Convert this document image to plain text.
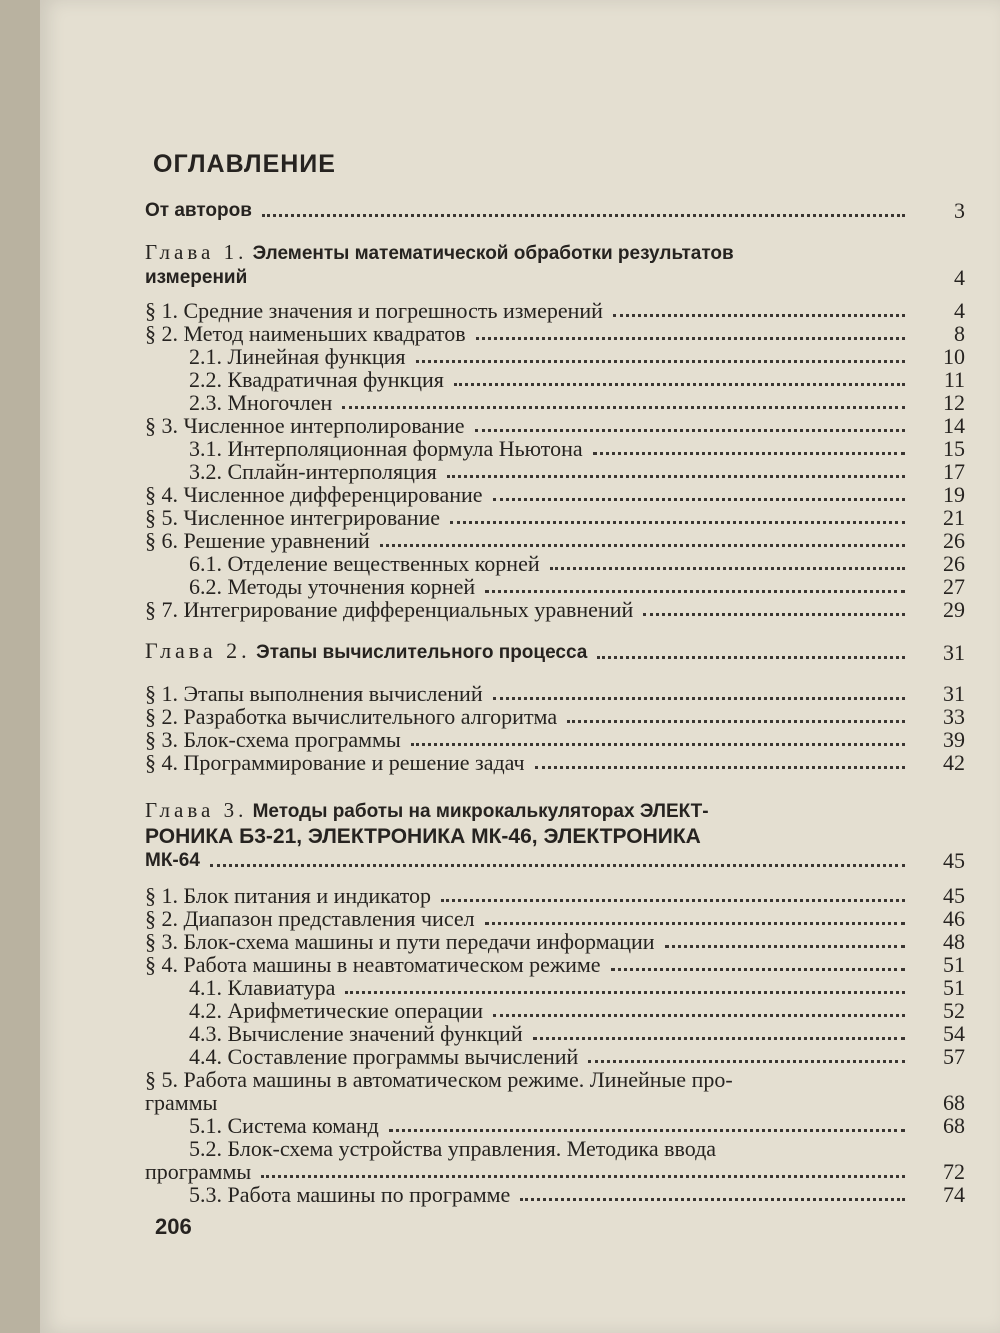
ОГЛАВЛЕНИЕ
От авторов	3
Глава 1. Элементы математической обработки результатов
измерений	4
§ 1. Средние значения и погрешность измерений	4
§ 2. Метод наименьших квадратов	8
2.1. Линейная функция	10
2.2. Квадратичная функция	11
2.3. Многочлен	12
§ 3. Численное интерполирование	14
3.1. Интерполяционная формула Ньютона	15
3.2. Сплайн-интерполяция	17
§ 4. Численное дифференцирование	19
§ 5. Численное интегрирование	21
§ 6. Решение уравнений	26
6.1. Отделение вещественных корней	26
6.2. Методы уточнения корней	27
§ 7. Интегрирование дифференциальных уравнений	29
Глава 2. Этапы вычислительного процесса	31
§ 1. Этапы выполнения вычислений	31
§ 2. Разработка вычислительного алгоритма	33
§ 3. Блок-схема программы	39
§ 4. Программирование и решение задач	42
Глава 3. Методы работы на микрокалькуляторах ЭЛЕКТ-
РОНИКА Б3-21, ЭЛЕКТРОНИКА МК-46, ЭЛЕКТРОНИКА
МК-64	45
§ 1. Блок питания и индикатор	45
§ 2. Диапазон представления чисел	46
§ 3. Блок-схема машины и пути передачи информации	48
§ 4. Работа машины в неавтоматическом режиме	51
4.1. Клавиатура	51
4.2. Арифметические операции	52
4.3. Вычисление значений функций	54
4.4. Составление программы вычислений	57
§ 5. Работа машины в автоматическом режиме. Линейные про-
граммы	68
5.1. Система команд	68
5.2. Блок-схема устройства управления. Методика ввода
программы	72
5.3. Работа машины по программе	74
206
